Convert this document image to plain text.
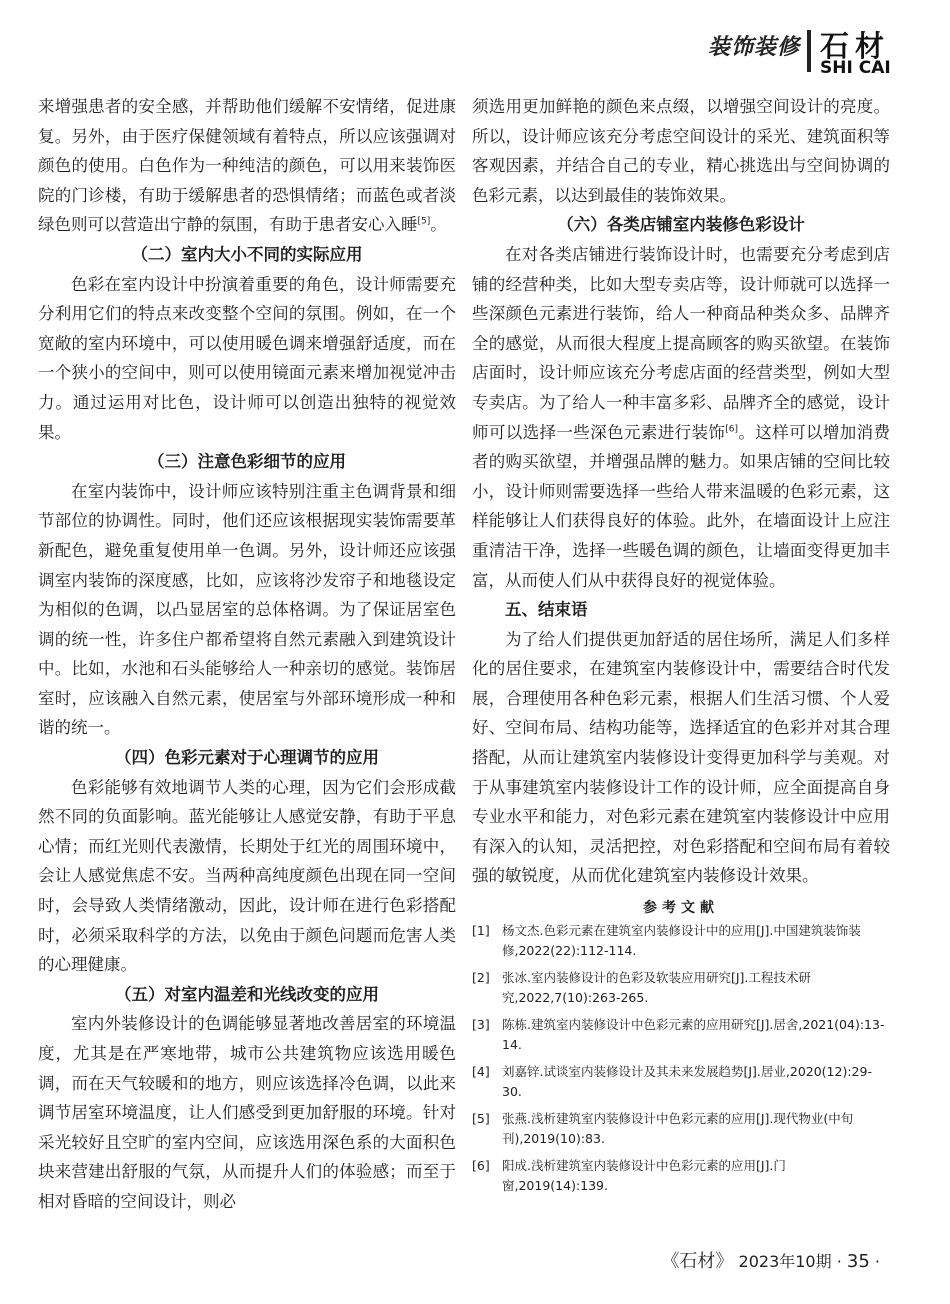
装饰装修 石材
SHI CAI

来增强患者的安全感，并帮助他们缓解不安情绪，促进康复。另外，由于医疗保健领域有着特点，所以应该强调对颜色的使用。白色作为一种纯洁的颜色，可以用来装饰医院的门诊楼，有助于缓解患者的恐惧情绪；而蓝色或者淡绿色则可以营造出宁静的氛围，有助于患者安心入睡[5]。

（二）室内大小不同的实际应用

色彩在室内设计中扮演着重要的角色，设计师需要充分利用它们的特点来改变整个空间的氛围。例如，在一个宽敞的室内环境中，可以使用暖色调来增强舒适度，而在一个狭小的空间中，则可以使用镜面元素来增加视觉冲击力。通过运用对比色，设计师可以创造出独特的视觉效果。

（三）注意色彩细节的应用

在室内装饰中，设计师应该特别注重主色调背景和细节部位的协调性。同时，他们还应该根据现实装饰需要革新配色，避免重复使用单一色调。另外，设计师还应该强调室内装饰的深度感，比如，应该将沙发帘子和地毯设定为相似的色调，以凸显居室的总体格调。为了保证居室色调的统一性，许多住户都希望将自然元素融入到建筑设计中。比如，水池和石头能够给人一种亲切的感觉。装饰居室时，应该融入自然元素，使居室与外部环境形成一种和谐的统一。

（四）色彩元素对于心理调节的应用

色彩能够有效地调节人类的心理，因为它们会形成截然不同的负面影响。蓝光能够让人感觉安静，有助于平息心情；而红光则代表激情，长期处于红光的周围环境中，会让人感觉焦虑不安。当两种高纯度颜色出现在同一空间时，会导致人类情绪激动，因此，设计师在进行色彩搭配时，必须采取科学的方法，以免由于颜色问题而危害人类的心理健康。

（五）对室内温差和光线改变的应用

室内外装修设计的色调能够显著地改善居室的环境温度，尤其是在严寒地带，城市公共建筑物应该选用暖色调，而在天气较暖和的地方，则应该选择冷色调，以此来调节居室环境温度，让人们感受到更加舒服的环境。针对采光较好且空旷的室内空间，应该选用深色系的大面积色块来营建出舒服的气氛，从而提升人们的体验感；而至于相对昏暗的空间设计，则必

须选用更加鲜艳的颜色来点缀，以增强空间设计的亮度。所以，设计师应该充分考虑空间设计的采光、建筑面积等客观因素，并结合自己的专业，精心挑选出与空间协调的色彩元素，以达到最佳的装饰效果。

（六）各类店铺室内装修色彩设计

在对各类店铺进行装饰设计时，也需要充分考虑到店铺的经营种类，比如大型专卖店等，设计师就可以选择一些深颜色元素进行装饰，给人一种商品种类众多、品牌齐全的感觉，从而很大程度上提高顾客的购买欲望。在装饰店面时，设计师应该充分考虑店面的经营类型，例如大型专卖店。为了给人一种丰富多彩、品牌齐全的感觉，设计师可以选择一些深色元素进行装饰[6]。这样可以增加消费者的购买欲望，并增强品牌的魅力。如果店铺的空间比较小，设计师则需要选择一些给人带来温暖的色彩元素，这样能够让人们获得良好的体验。此外，在墙面设计上应注重清洁干净，选择一些暖色调的颜色，让墙面变得更加丰富，从而使人们从中获得良好的视觉体验。

五、结束语

为了给人们提供更加舒适的居住场所，满足人们多样化的居住要求，在建筑室内装修设计中，需要结合时代发展，合理使用各种色彩元素，根据人们生活习惯、个人爱好、空间布局、结构功能等，选择适宜的色彩并对其合理搭配，从而让建筑室内装修设计变得更加科学与美观。对于从事建筑室内装修设计工作的设计师，应全面提高自身专业水平和能力，对色彩元素在建筑室内装修设计中应用有深入的认知，灵活把控，对色彩搭配和空间布局有着较强的敏锐度，从而优化建筑室内装修设计效果。

参考文献
[1] 杨文杰.色彩元素在建筑室内装修设计中的应用[J].中国建筑装饰装修,2022(22):112-114.
[2] 张冰.室内装修设计的色彩及软装应用研究[J].工程技术研究,2022,7(10):263-265.
[3] 陈栋.建筑室内装修设计中色彩元素的应用研究[J].居舍,2021(04):13-14.
[4] 刘嘉锌.试谈室内装修设计及其未来发展趋势[J].居业,2020(12):29-30.
[5] 张燕.浅析建筑室内装修设计中色彩元素的应用[J].现代物业(中旬刊),2019(10):83.
[6] 阳成.浅析建筑室内装修设计中色彩元素的应用[J].门窗,2019(14):139.
《石材》 2023年10期 · 35 ·
